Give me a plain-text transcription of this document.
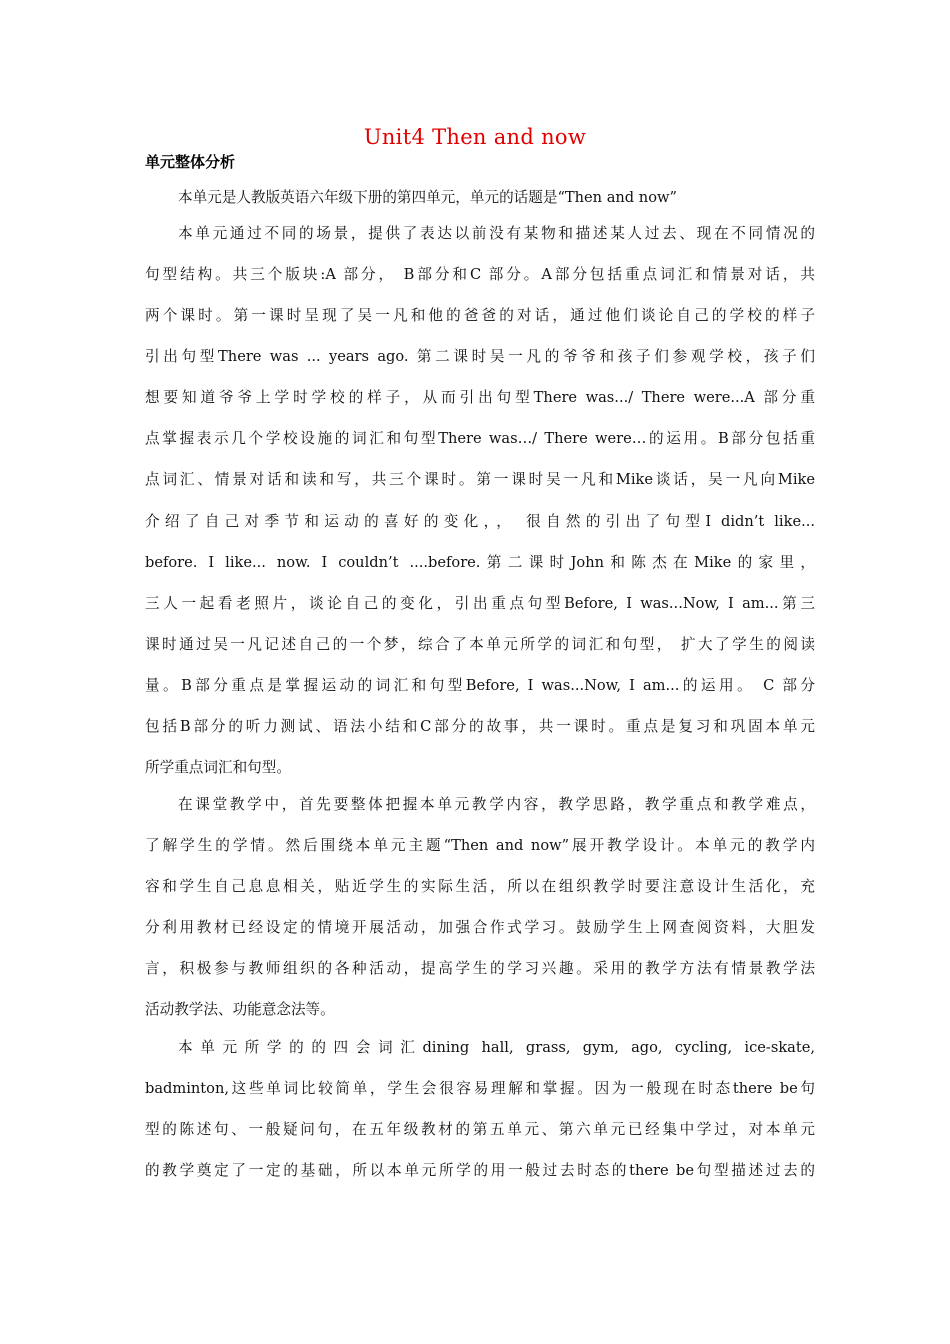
Unit4 Then and now
单元整体分析
本单元是人教版英语六年级下册的第四单元，单元的话题是“Then and now”
本单元通过不同的场景，提供了表达以前没有某物和描述某人过去、现在不同情况的
句型结构。共三个版块:A 部分， B部分和C 部分。A部分包括重点词汇和情景对话，共
两个课时。第一课时呈现了吴一凡和他的爸爸的对话，通过他们谈论自己的学校的样子
引出句型There was ... years ago. 第二课时吴一凡的爷爷和孩子们参观学校，孩子们
想要知道爷爷上学时学校的样子，从而引出句型There was.../ There were...A 部分重
点掌握表示几个学校设施的词汇和句型There was…/ There were…的运用。B部分包括重
点词汇、情景对话和读和写，共三个课时。第一课时吴一凡和Mike谈话，吴一凡向Mike
介绍了自己对季节和运动的喜好的变化，， 很自然的引出了句型I didn’t like...
before. I like... now. I couldn’t ....before.第二课时John和陈杰在Mike的家里，
三人一起看老照片，谈论自己的变化，引出重点句型Before, I was...Now, I am...第三
课时通过吴一凡记述自己的一个梦，综合了本单元所学的词汇和句型， 扩大了学生的阅读
量。B部分重点是掌握运动的词汇和句型Before, I was...Now, I am...的运用。 C 部分
包括B部分的听力测试、语法小结和C部分的故事，共一课时。重点是复习和巩固本单元
所学重点词汇和句型。
在课堂教学中，首先要整体把握本单元教学内容，教学思路，教学重点和教学难点，
了解学生的学情。然后围绕本单元主题“Then and now”展开教学设计。本单元的教学内
容和学生自己息息相关，贴近学生的实际生活，所以在组织教学时要注意设计生活化，充
分利用教材已经设定的情境开展活动，加强合作式学习。鼓励学生上网查阅资料，大胆发
言，积极参与教师组织的各种活动，提高学生的学习兴趣。采用的教学方法有情景教学法
活动教学法、功能意念法等。
本单元所学的的四会词汇dining hall, grass, gym, ago, cycling, ice-skate,
badminton,这些单词比较简单，学生会很容易理解和掌握。因为一般现在时态there be句
型的陈述句、一般疑问句，在五年级教材的第五单元、第六单元已经集中学过，对本单元
的教学奠定了一定的基础，所以本单元所学的用一般过去时态的there be句型描述过去的
